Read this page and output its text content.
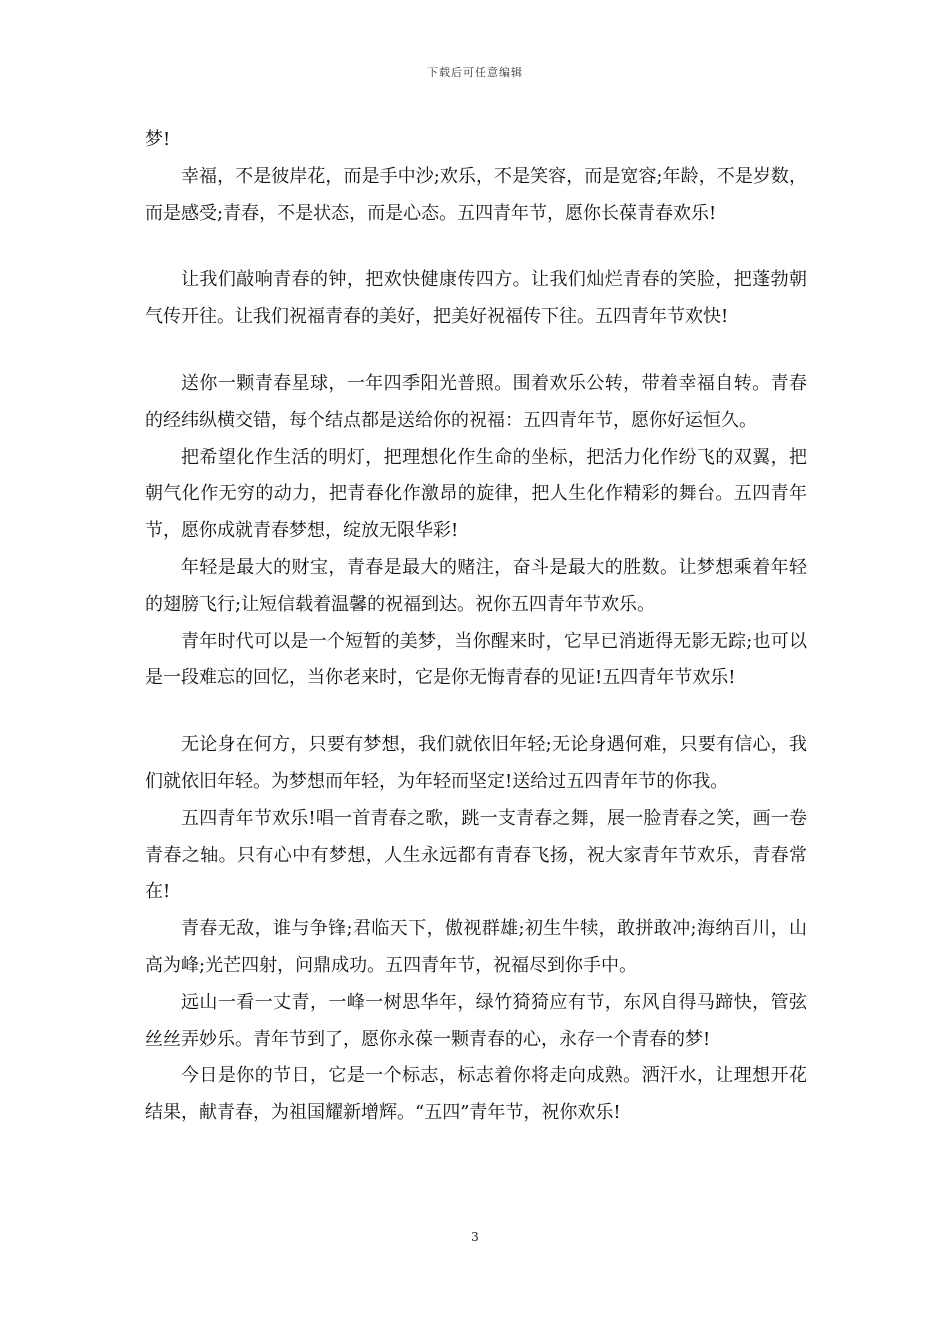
下载后可任意编辑

梦!

幸福，不是彼岸花，而是手中沙;欢乐，不是笑容，而是宽容;年龄，不是岁数，而是感受;青春，不是状态，而是心态。五四青年节，愿你长葆青春欢乐!

让我们敲响青春的钟，把欢快健康传四方。让我们灿烂青春的笑脸，把蓬勃朝气传开往。让我们祝福青春的美好，把美好祝福传下往。五四青年节欢快!

送你一颗青春星球，一年四季阳光普照。围着欢乐公转，带着幸福自转。青春的经纬纵横交错，每个结点都是送给你的祝福：五四青年节，愿你好运恒久。

把希望化作生活的明灯，把理想化作生命的坐标，把活力化作纷飞的双翼，把朝气化作无穷的动力，把青春化作激昂的旋律，把人生化作精彩的舞台。五四青年节，愿你成就青春梦想，绽放无限华彩!

年轻是最大的财宝，青春是最大的赌注，奋斗是最大的胜数。让梦想乘着年轻的翅膀飞行;让短信载着温馨的祝福到达。祝你五四青年节欢乐。

青年时代可以是一个短暂的美梦，当你醒来时，它早已消逝得无影无踪;也可以是一段难忘的回忆，当你老来时，它是你无悔青春的见证!五四青年节欢乐!

无论身在何方，只要有梦想，我们就依旧年轻;无论身遇何难，只要有信心，我们就依旧年轻。为梦想而年轻，为年轻而坚定!送给过五四青年节的你我。

五四青年节欢乐!唱一首青春之歌，跳一支青春之舞，展一脸青春之笑，画一卷青春之轴。只有心中有梦想，人生永远都有青春飞扬，祝大家青年节欢乐，青春常在!

青春无敌，谁与争锋;君临天下，傲视群雄;初生牛犊，敢拼敢冲;海纳百川，山高为峰;光芒四射，问鼎成功。五四青年节，祝福尽到你手中。

远山一看一丈青，一峰一树思华年，绿竹猗猗应有节，东风自得马蹄快，管弦丝丝弄妙乐。青年节到了，愿你永葆一颗青春的心，永存一个青春的梦!

今日是你的节日，它是一个标志，标志着你将走向成熟。洒汗水，让理想开花结果，献青春，为祖国耀新增辉。“五四”青年节，祝你欢乐!

3
